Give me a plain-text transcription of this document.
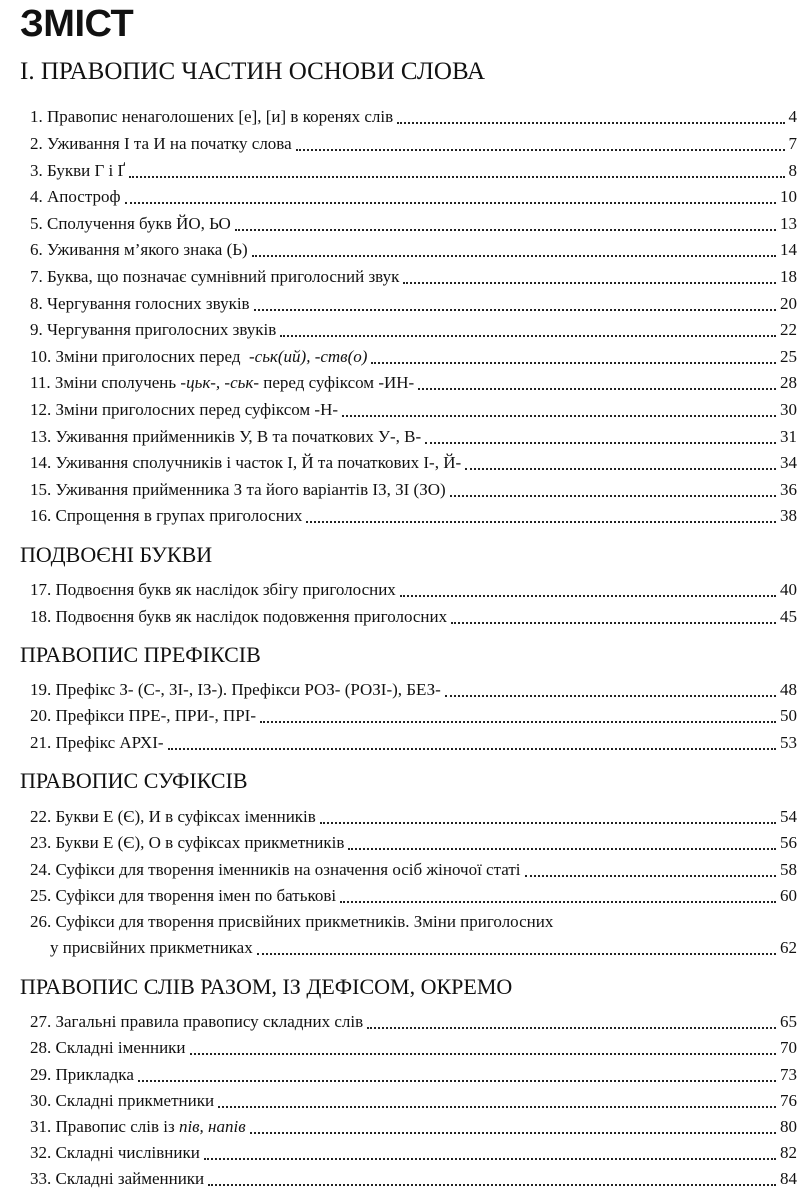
ЗМІСТ
І. ПРАВОПИС ЧАСТИН ОСНОВИ СЛОВА
1. Правопис ненаголошених [е], [и] в коренях слів	4
2. Уживання І та И на початку слова	7
3. Букви Г і Ґ	8
4. Апостроф	10
5. Сполучення букв ЙО, ЬО	13
6. Уживання м’якого знака (Ь)	14
7. Буква, що позначає сумнівний приголосний звук	18
8. Чергування голосних звуків	20
9. Чергування приголосних звуків	22
10. Зміни приголосних перед -ськ(ий), -ств(о)	25
11. Зміни сполучень -цьк-, -ськ- перед суфіксом -ИН-	28
12. Зміни приголосних перед суфіксом -Н-	30
13. Уживання прийменників У, В та початкових У-, В-	31
14. Уживання сполучників і часток І, Й та початкових І-, Й-	34
15. Уживання прийменника З та його варіантів ІЗ, ЗІ (ЗО)	36
16. Спрощення в групах приголосних	38
ПОДВОЄНІ БУКВИ
17. Подвоєння букв як наслідок збігу приголосних	40
18. Подвоєння букв як наслідок подовження приголосних	45
ПРАВОПИС ПРЕФІКСІВ
19. Префікс З- (С-, ЗІ-, ІЗ-). Префікси РОЗ- (РОЗІ-), БЕЗ-	48
20. Префікси ПРЕ-, ПРИ-, ПРІ-	50
21. Префікс АРХІ-	53
ПРАВОПИС СУФІКСІВ
22. Букви Е (Є), И в суфіксах іменників	54
23. Букви Е (Є), О в суфіксах прикметників	56
24. Суфікси для творення іменників на означення осіб жіночої статі	58
25. Суфікси для творення імен по батькові	60
26. Суфікси для творення присвійних прикметників. Зміни приголосних
у присвійних прикметниках	62
ПРАВОПИС СЛІВ РАЗОМ, ІЗ ДЕФІСОМ, ОКРЕМО
27. Загальні правила правопису складних слів	65
28. Складні іменники	70
29. Прикладка	73
30. Складні прикметники	76
31. Правопис слів із пів, напів	80
32. Складні числівники	82
33. Складні займенники	84
